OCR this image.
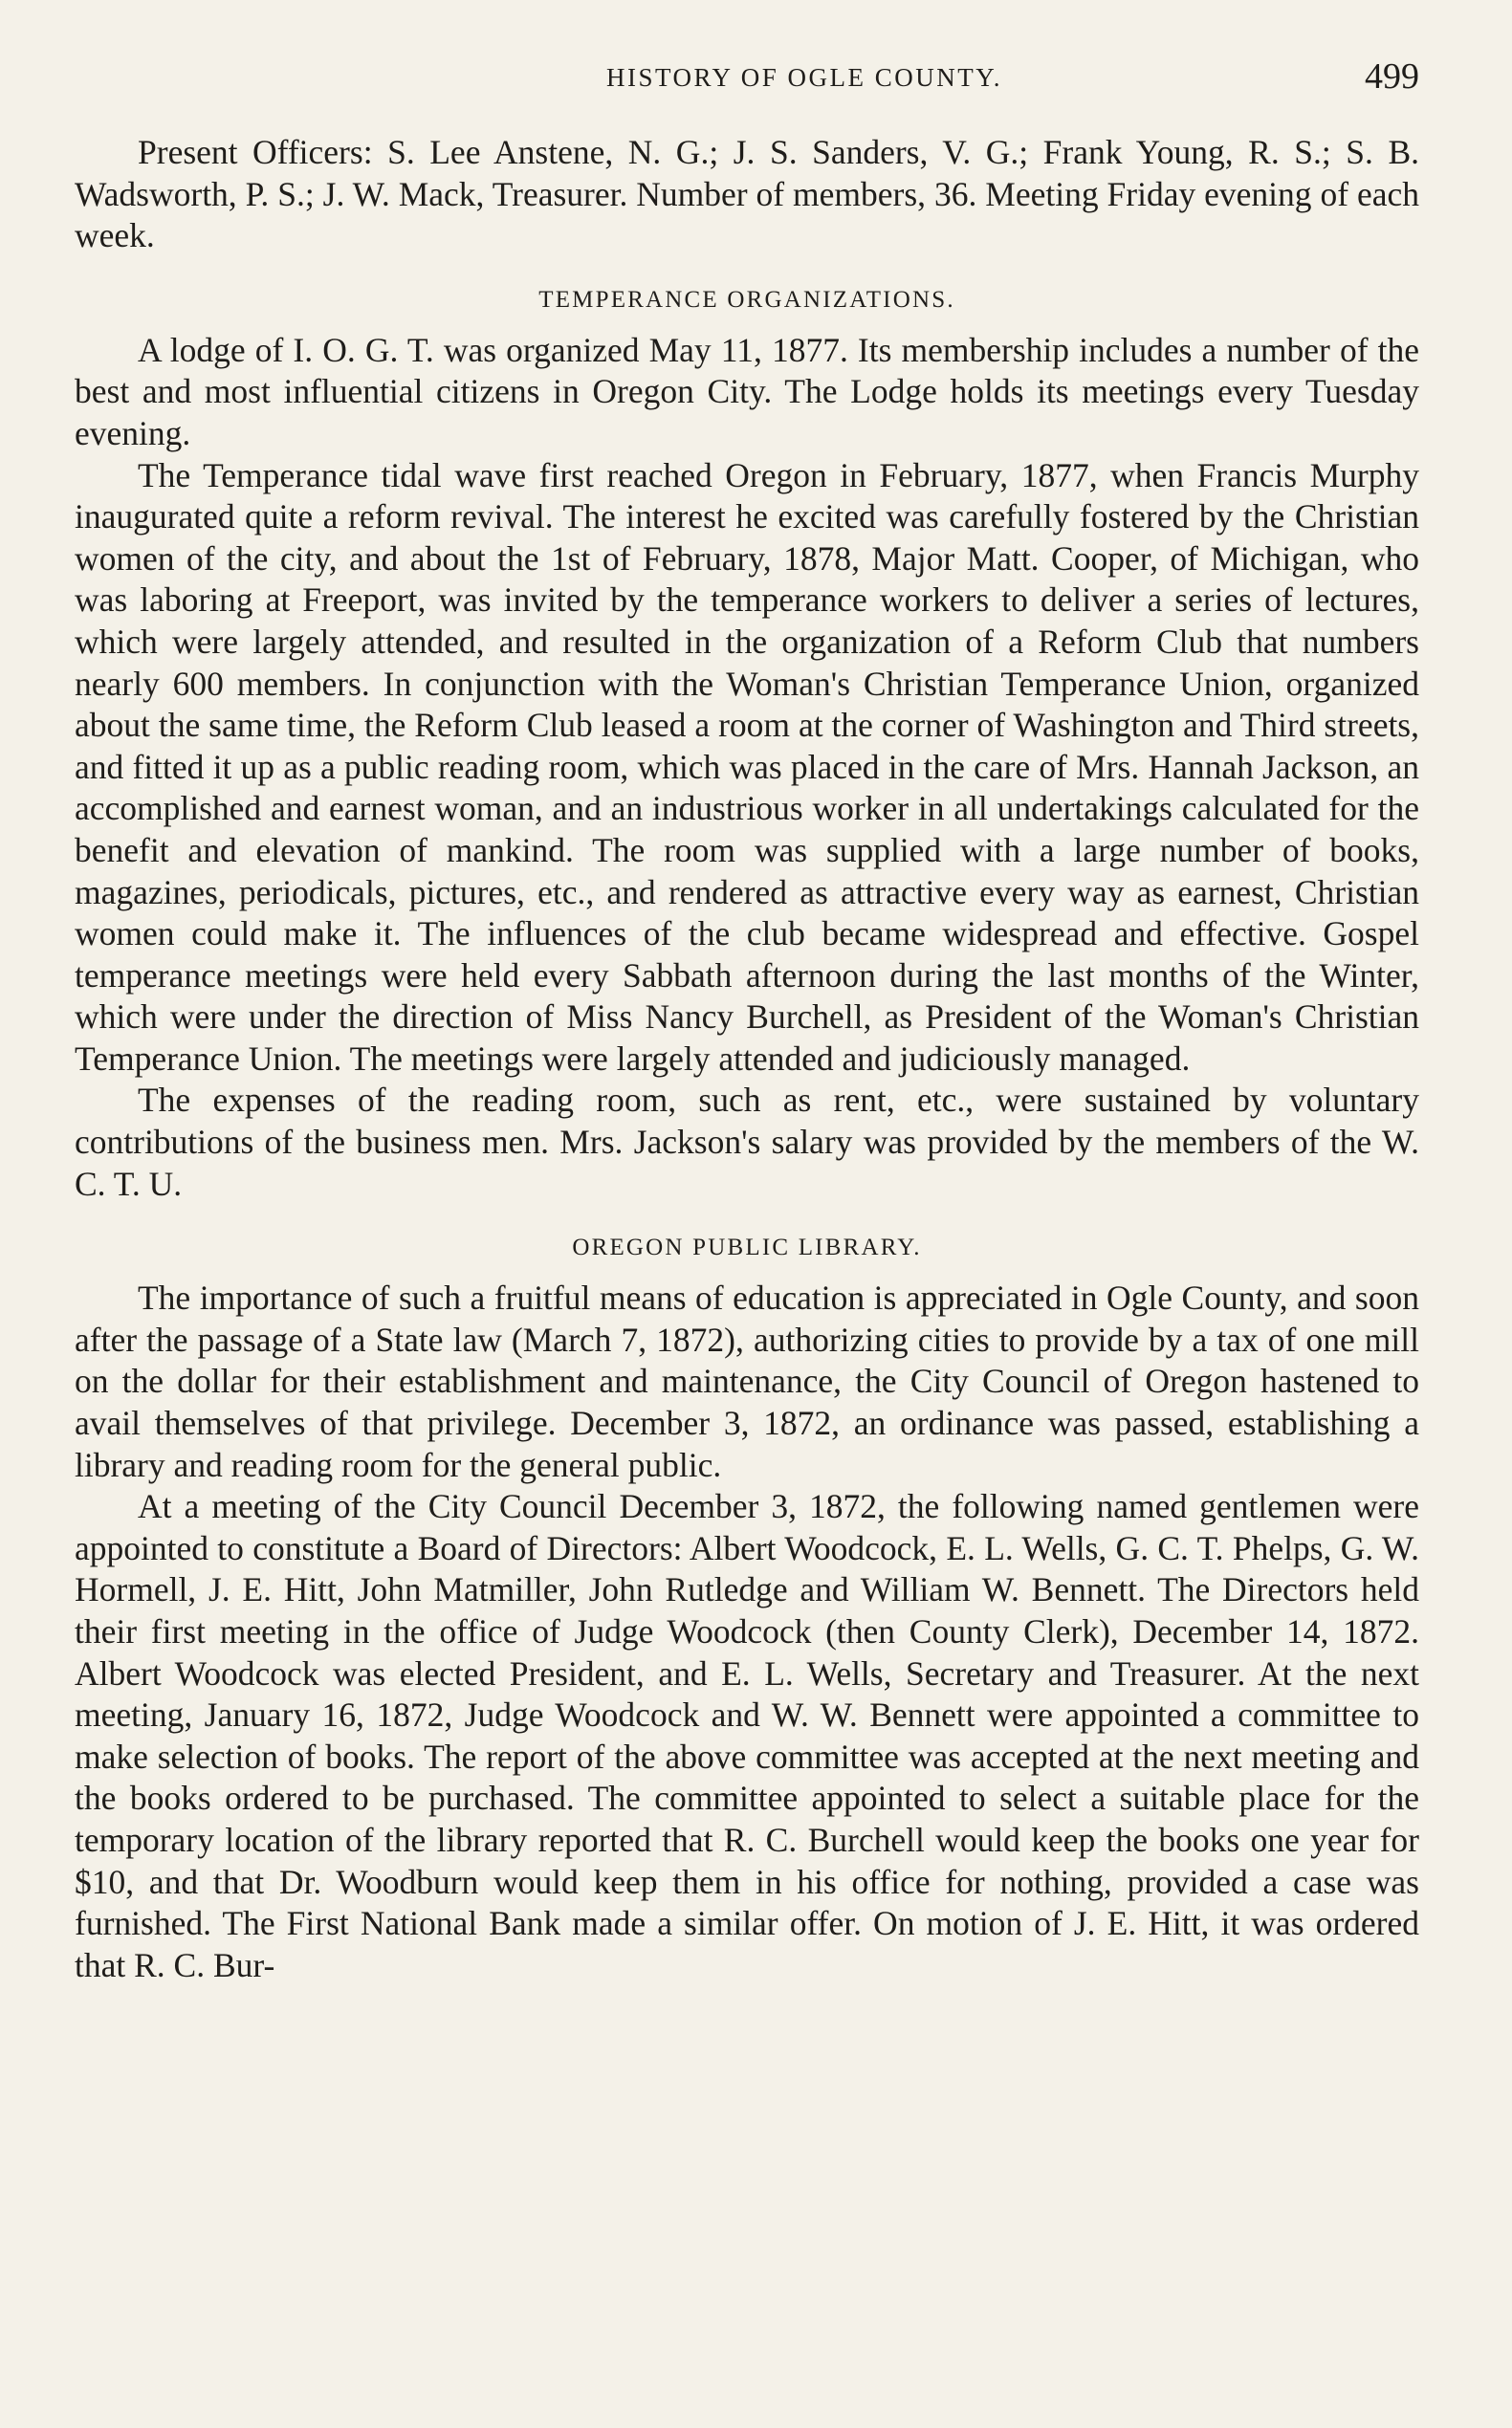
HISTORY OF OGLE COUNTY.	499

Present Officers: S. Lee Anstene, N. G.; J. S. Sanders, V. G.; Frank Young, R. S.; S. B. Wadsworth, P. S.; J. W. Mack, Treasurer. Number of members, 36. Meeting Friday evening of each week.

TEMPERANCE ORGANIZATIONS.

A lodge of I. O. G. T. was organized May 11, 1877. Its membership includes a number of the best and most influential citizens in Oregon City. The Lodge holds its meetings every Tuesday evening.

The Temperance tidal wave first reached Oregon in February, 1877, when Francis Murphy inaugurated quite a reform revival. The interest he excited was carefully fostered by the Christian women of the city, and about the 1st of February, 1878, Major Matt. Cooper, of Michigan, who was laboring at Freeport, was invited by the temperance workers to deliver a series of lectures, which were largely attended, and resulted in the organization of a Reform Club that numbers nearly 600 members. In conjunction with the Woman's Christian Temperance Union, organized about the same time, the Reform Club leased a room at the corner of Washington and Third streets, and fitted it up as a public reading room, which was placed in the care of Mrs. Hannah Jackson, an accomplished and earnest woman, and an industrious worker in all undertakings calculated for the benefit and elevation of mankind. The room was supplied with a large number of books, magazines, periodicals, pictures, etc., and rendered as attractive every way as earnest, Christian women could make it. The influences of the club became widespread and effective. Gospel temperance meetings were held every Sabbath afternoon during the last months of the Winter, which were under the direction of Miss Nancy Burchell, as President of the Woman's Christian Temperance Union. The meetings were largely attended and judiciously managed.

The expenses of the reading room, such as rent, etc., were sustained by voluntary contributions of the business men. Mrs. Jackson's salary was provided by the members of the W. C. T. U.

OREGON PUBLIC LIBRARY.

The importance of such a fruitful means of education is appreciated in Ogle County, and soon after the passage of a State law (March 7, 1872), authorizing cities to provide by a tax of one mill on the dollar for their establishment and maintenance, the City Council of Oregon hastened to avail themselves of that privilege. December 3, 1872, an ordinance was passed, establishing a library and reading room for the general public.

At a meeting of the City Council December 3, 1872, the following named gentlemen were appointed to constitute a Board of Directors: Albert Woodcock, E. L. Wells, G. C. T. Phelps, G. W. Hormell, J. E. Hitt, John Matmiller, John Rutledge and William W. Bennett. The Directors held their first meeting in the office of Judge Woodcock (then County Clerk), December 14, 1872. Albert Woodcock was elected President, and E. L. Wells, Secretary and Treasurer. At the next meeting, January 16, 1872, Judge Woodcock and W. W. Bennett were appointed a committee to make selection of books. The report of the above committee was accepted at the next meeting and the books ordered to be purchased. The committee appointed to select a suitable place for the temporary location of the library reported that R. C. Burchell would keep the books one year for $10, and that Dr. Woodburn would keep them in his office for nothing, provided a case was furnished. The First National Bank made a similar offer. On motion of J. E. Hitt, it was ordered that R. C. Bur-
